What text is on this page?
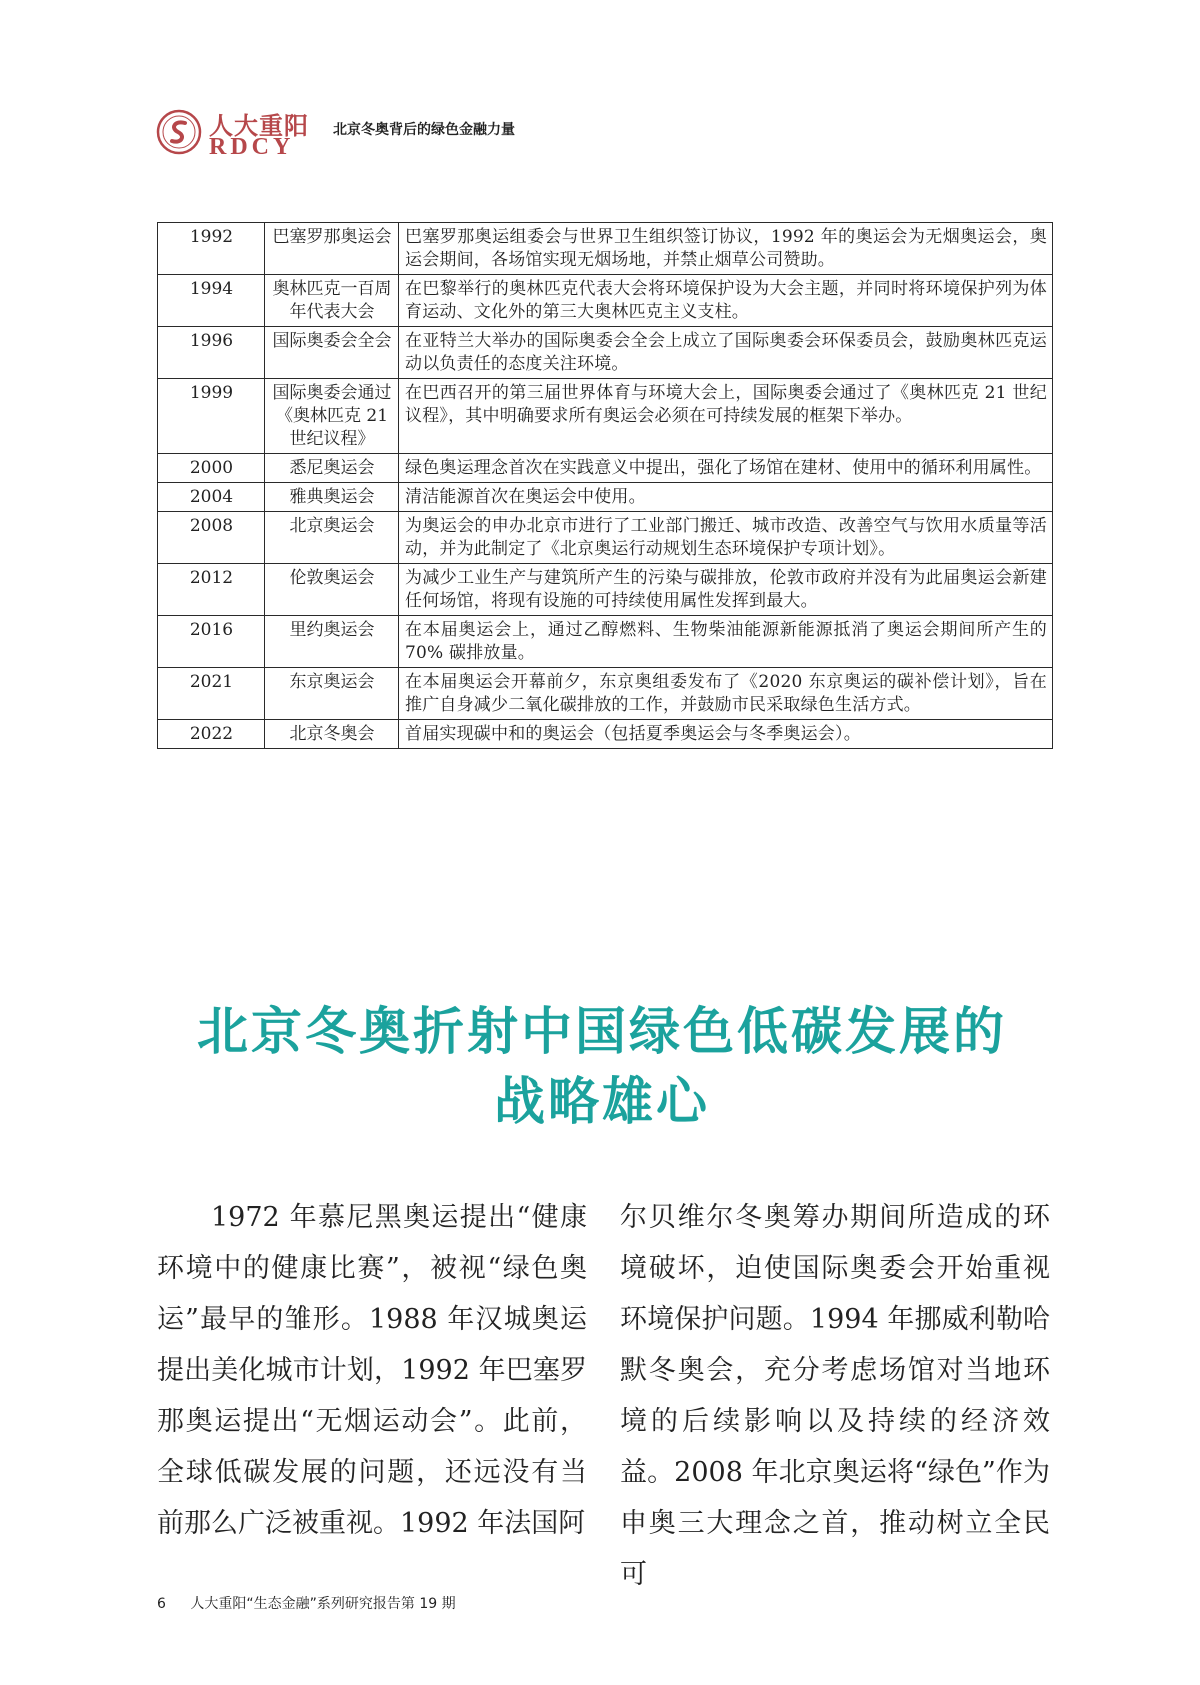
人大重阳
RDCY
北京冬奥背后的绿色金融力量
1992	巴塞罗那奥运会	巴塞罗那奥运组委会与世界卫生组织签订协议，1992 年的奥运会为无烟奥运会，奥运会期间，各场馆实现无烟场地，并禁止烟草公司赞助。
1994	奥林匹克一百周年代表大会	在巴黎举行的奥林匹克代表大会将环境保护设为大会主题，并同时将环境保护列为体育运动、文化外的第三大奥林匹克主义支柱。
1996	国际奥委会全会	在亚特兰大举办的国际奥委会全会上成立了国际奥委会环保委员会，鼓励奥林匹克运动以负责任的态度关注环境。
1999	国际奥委会通过《奥林匹克 21 世纪议程》	在巴西召开的第三届世界体育与环境大会上，国际奥委会通过了《奥林匹克 21 世纪议程》，其中明确要求所有奥运会必须在可持续发展的框架下举办。
2000	悉尼奥运会	绿色奥运理念首次在实践意义中提出，强化了场馆在建材、使用中的循环利用属性。
2004	雅典奥运会	清洁能源首次在奥运会中使用。
2008	北京奥运会	为奥运会的申办北京市进行了工业部门搬迁、城市改造、改善空气与饮用水质量等活动，并为此制定了《北京奥运行动规划生态环境保护专项计划》。
2012	伦敦奥运会	为减少工业生产与建筑所产生的污染与碳排放，伦敦市政府并没有为此届奥运会新建任何场馆，将现有设施的可持续使用属性发挥到最大。
2016	里约奥运会	在本届奥运会上，通过乙醇燃料、生物柴油能源新能源抵消了奥运会期间所产生的 70% 碳排放量。
2021	东京奥运会	在本届奥运会开幕前夕，东京奥组委发布了《2020 东京奥运的碳补偿计划》，旨在推广自身减少二氧化碳排放的工作，并鼓励市民采取绿色生活方式。
2022	北京冬奥会	首届实现碳中和的奥运会（包括夏季奥运会与冬季奥运会）。
北京冬奥折射中国绿色低碳发展的
战略雄心
1972 年慕尼黑奥运提出“健康环境中的健康比赛”，被视“绿色奥运”最早的雏形。1988 年汉城奥运提出美化城市计划，1992 年巴塞罗那奥运提出“无烟运动会”。此前，全球低碳发展的问题，还远没有当前那么广泛被重视。1992 年法国阿
尔贝维尔冬奥筹办期间所造成的环境破坏，迫使国际奥委会开始重视环境保护问题。1994 年挪威利勒哈默冬奥会，充分考虑场馆对当地环境的后续影响以及持续的经济效益。2008 年北京奥运将“绿色”作为申奥三大理念之首，推动树立全民可
6 人大重阳“生态金融”系列研究报告第 19 期
